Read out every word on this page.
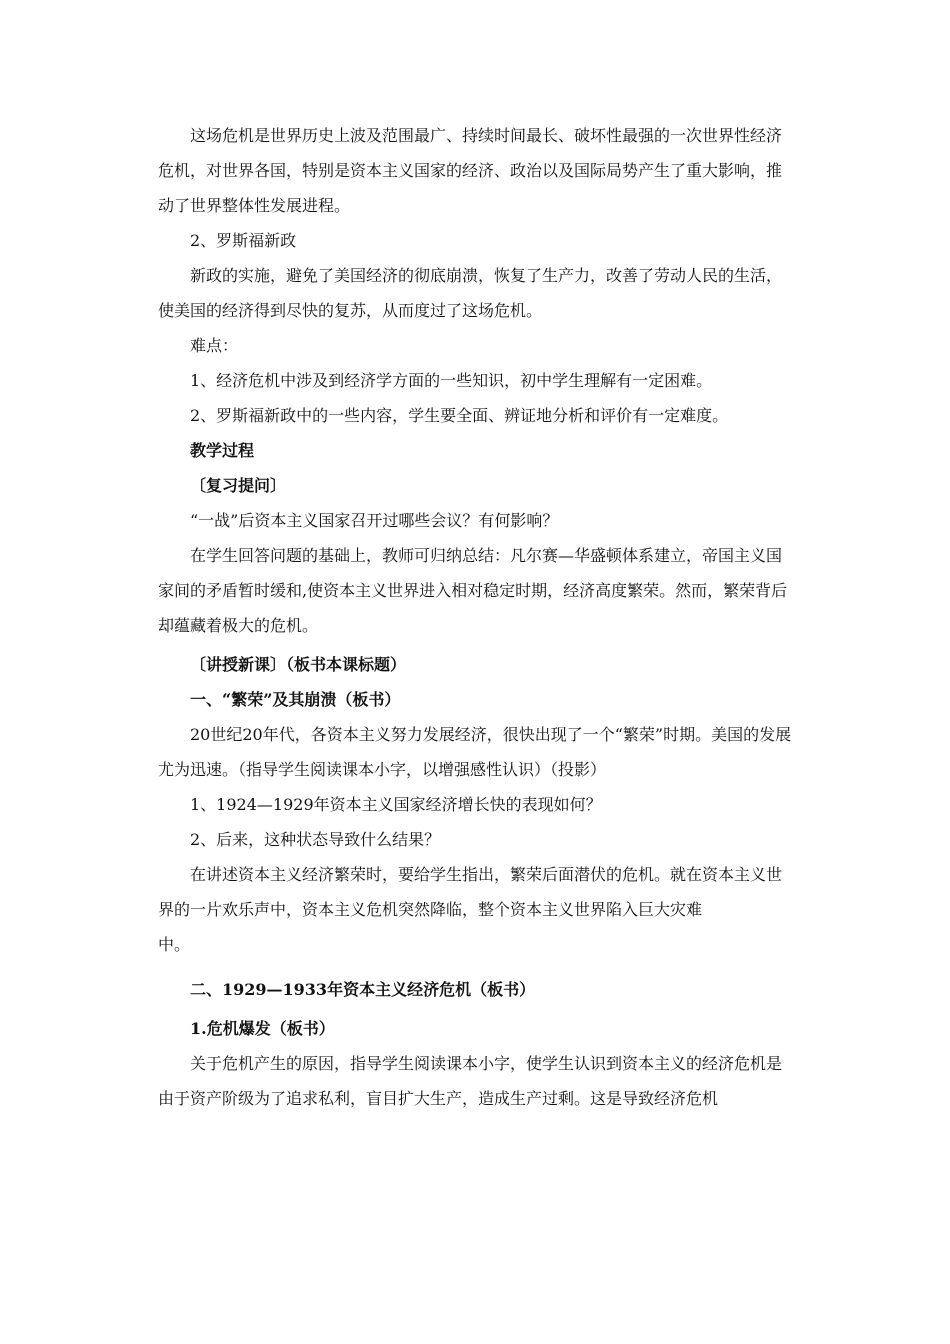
这场危机是世界历史上波及范围最广、持续时间最长、破坏性最强的一次世界性经济危机，对世界各国，特别是资本主义国家的经济、政治以及国际局势产生了重大影响，推动了世界整体性发展进程。

2、罗斯福新政

新政的实施，避免了美国经济的彻底崩溃，恢复了生产力，改善了劳动人民的生活，使美国的经济得到尽快的复苏，从而度过了这场危机。

难点：

1、经济危机中涉及到经济学方面的一些知识，初中学生理解有一定困难。

2、罗斯福新政中的一些内容，学生要全面、辨证地分析和评价有一定难度。

教学过程

〔复习提问〕

“一战”后资本主义国家召开过哪些会议？有何影响？

在学生回答问题的基础上，教师可归纳总结：凡尔赛—华盛顿体系建立，帝国主义国家间的矛盾暂时缓和,使资本主义世界进入相对稳定时期，经济高度繁荣。然而，繁荣背后却蕴藏着极大的危机。

〔讲授新课〕（板书本课标题）

一、“繁荣”及其崩溃（板书）

20世纪20年代，各资本主义努力发展经济，很快出现了一个“繁荣”时期。美国的发展尤为迅速。（指导学生阅读课本小字，以增强感性认识）（投影）

1、1924—1929年资本主义国家经济增长快的表现如何？

2、后来，这种状态导致什么结果？

在讲述资本主义经济繁荣时，要给学生指出，繁荣后面潜伏的危机。就在资本主义世界的一片欢乐声中，资本主义危机突然降临，整个资本主义世界陷入巨大灾难

中。

二、1929—1933年资本主义经济危机（板书）

1.危机爆发（板书）

关于危机产生的原因，指导学生阅读课本小字，使学生认识到资本主义的经济危机是由于资产阶级为了追求私利，盲目扩大生产，造成生产过剩。这是导致经济危机
